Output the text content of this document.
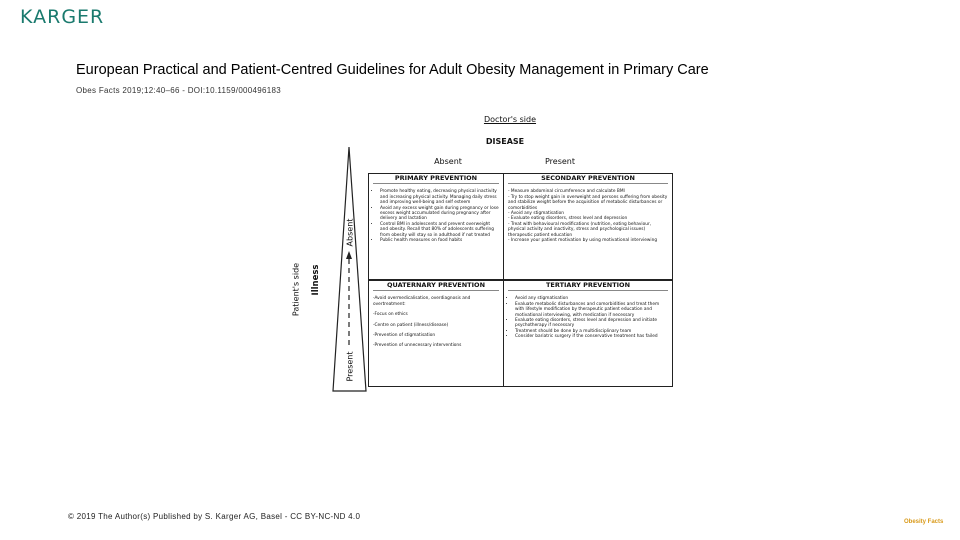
KARGER
European Practical and Patient-Centred Guidelines for Adult Obesity Management in Primary Care
Obes Facts 2019;12:40–66 - DOI:10.1159/000496183
Doctor's side
DISEASE
Absent	Present
Absent
Present
Patient's side Illness
PRIMARY PREVENTION
• Promote healthy eating, decreasing physical inactivity and increasing physical activity. Managing daily stress and improving well-being and self esteem
• Avoid any excess weight gain during pregnancy or lose excess weight accumulated during pregnancy after delivery and lactation
• Control BMI in adolescents and prevent overweight and obesity. Recall that 80% of adolescents suffering from obesity will stay so in adulthood if not treated
• Public health measures on food habits
SECONDARY PREVENTION
- Measure abdominal circumference and calculate BMI
- Try to stop weight gain in overweight and persons suffering from obesity and stabilize weight before the acquisition of metabolic disturbances or comorbidities
- Avoid any stigmatisation
- Evaluate eating disorders, stress level and depression
- Treat with behavioural modifications (nutrition, eating behaviour, physical activity and inactivity, stress and psychological issues) therapeutic patient education
- Increase your patient motivation by using motivational interviewing
QUATERNARY PREVENTION

-Avoid overmedicalisation, overdiagnosis and overtreatment:

-Focus on ethics

-Centre on patient (illness/disease)

-Prevention of stigmatisation

-Prevention of unnecessary interventions

TERTIARY PREVENTION
• Avoid any stigmatisation
• Evaluate metabolic disturbances and comorbidities and treat them with lifestyle modification by therapeutic patient education and motivational interviewing, with medication if necessary
• Evaluate eating disorders, stress level and depression and initiate psychotherapy if necessary
• Treatment should be done by a multidisciplinary team
• Consider bariatric surgery if the conservative treatment has failed
© 2019 The Author(s) Published by S. Karger AG, Basel - CC BY-NC-ND 4.0
Obesity Facts
